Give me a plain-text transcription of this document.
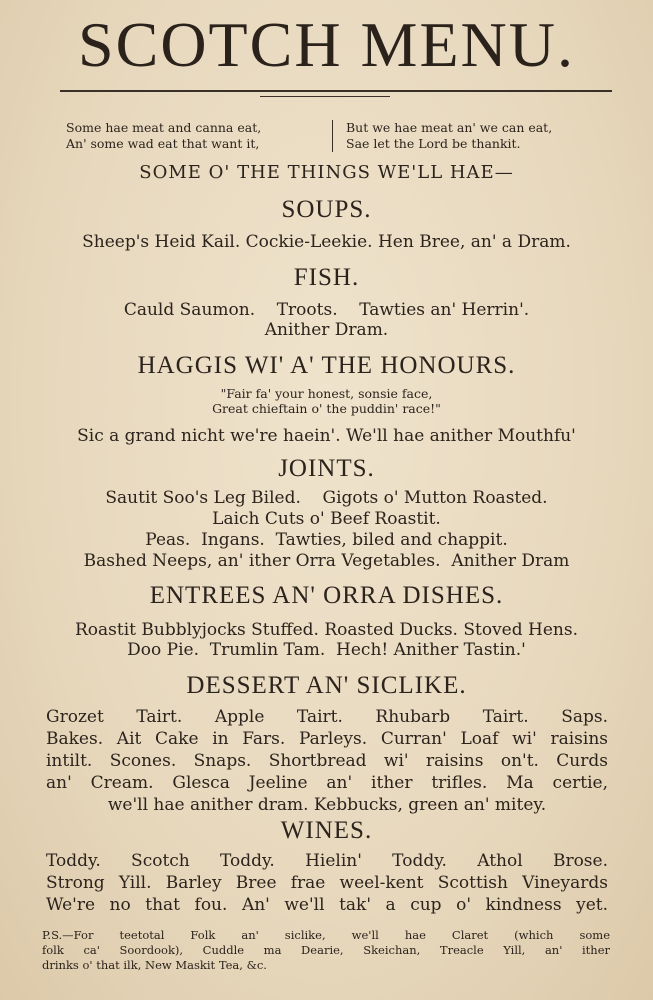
SCOTCH MENU.
Some hae meat and canna eat,
An' some wad eat that want it,
But we hae meat an' we can eat,
Sae let the Lord be thankit.
SOME O' THE THINGS WE'LL HAE—
SOUPS.
Sheep's Heid Kail. Cockie-Leekie. Hen Bree, an' a Dram.
FISH.
Cauld Saumon.    Troots.    Tawties an' Herrin'.
Anither Dram.
HAGGIS WI' A' THE HONOURS.
"Fair fa' your honest, sonsie face,
Great chieftain o' the puddin' race!"
Sic a grand nicht we're haein'. We'll hae anither Mouthfu'
JOINTS.
Sautit Soo's Leg Biled.    Gigots o' Mutton Roasted.
Laich Cuts o' Beef Roastit.
Peas.  Ingans.  Tawties, biled and chappit.
Bashed Neeps, an' ither Orra Vegetables.  Anither Dram
ENTREES AN' ORRA DISHES.
Roastit Bubblyjocks Stuffed. Roasted Ducks. Stoved Hens.
Doo Pie.  Trumlin Tam.  Hech! Anither Tastin.'
DESSERT AN' SICLIKE.
Grozet Tairt. Apple Tairt. Rhubarb Tairt. Saps.
Bakes. Ait Cake in Fars. Parleys. Curran' Loaf wi' raisins
intilt. Scones. Snaps. Shortbread wi' raisins on't. Curds
an' Cream. Glesca Jeeline an' ither trifles. Ma certie,
we'll hae anither dram. Kebbucks, green an' mitey.
WINES.
Toddy. Scotch Toddy. Hielin' Toddy. Athol Brose.
Strong Yill. Barley Bree frae weel-kent Scottish Vineyards
We're no that fou. An' we'll tak' a cup o' kindness yet.
P.S.—For teetotal Folk an' siclike, we'll hae Claret (which some
folk ca' Soordook), Cuddle ma Dearie, Skeichan, Treacle Yill, an' ither
drinks o' that ilk, New Maskit Tea, &c.
